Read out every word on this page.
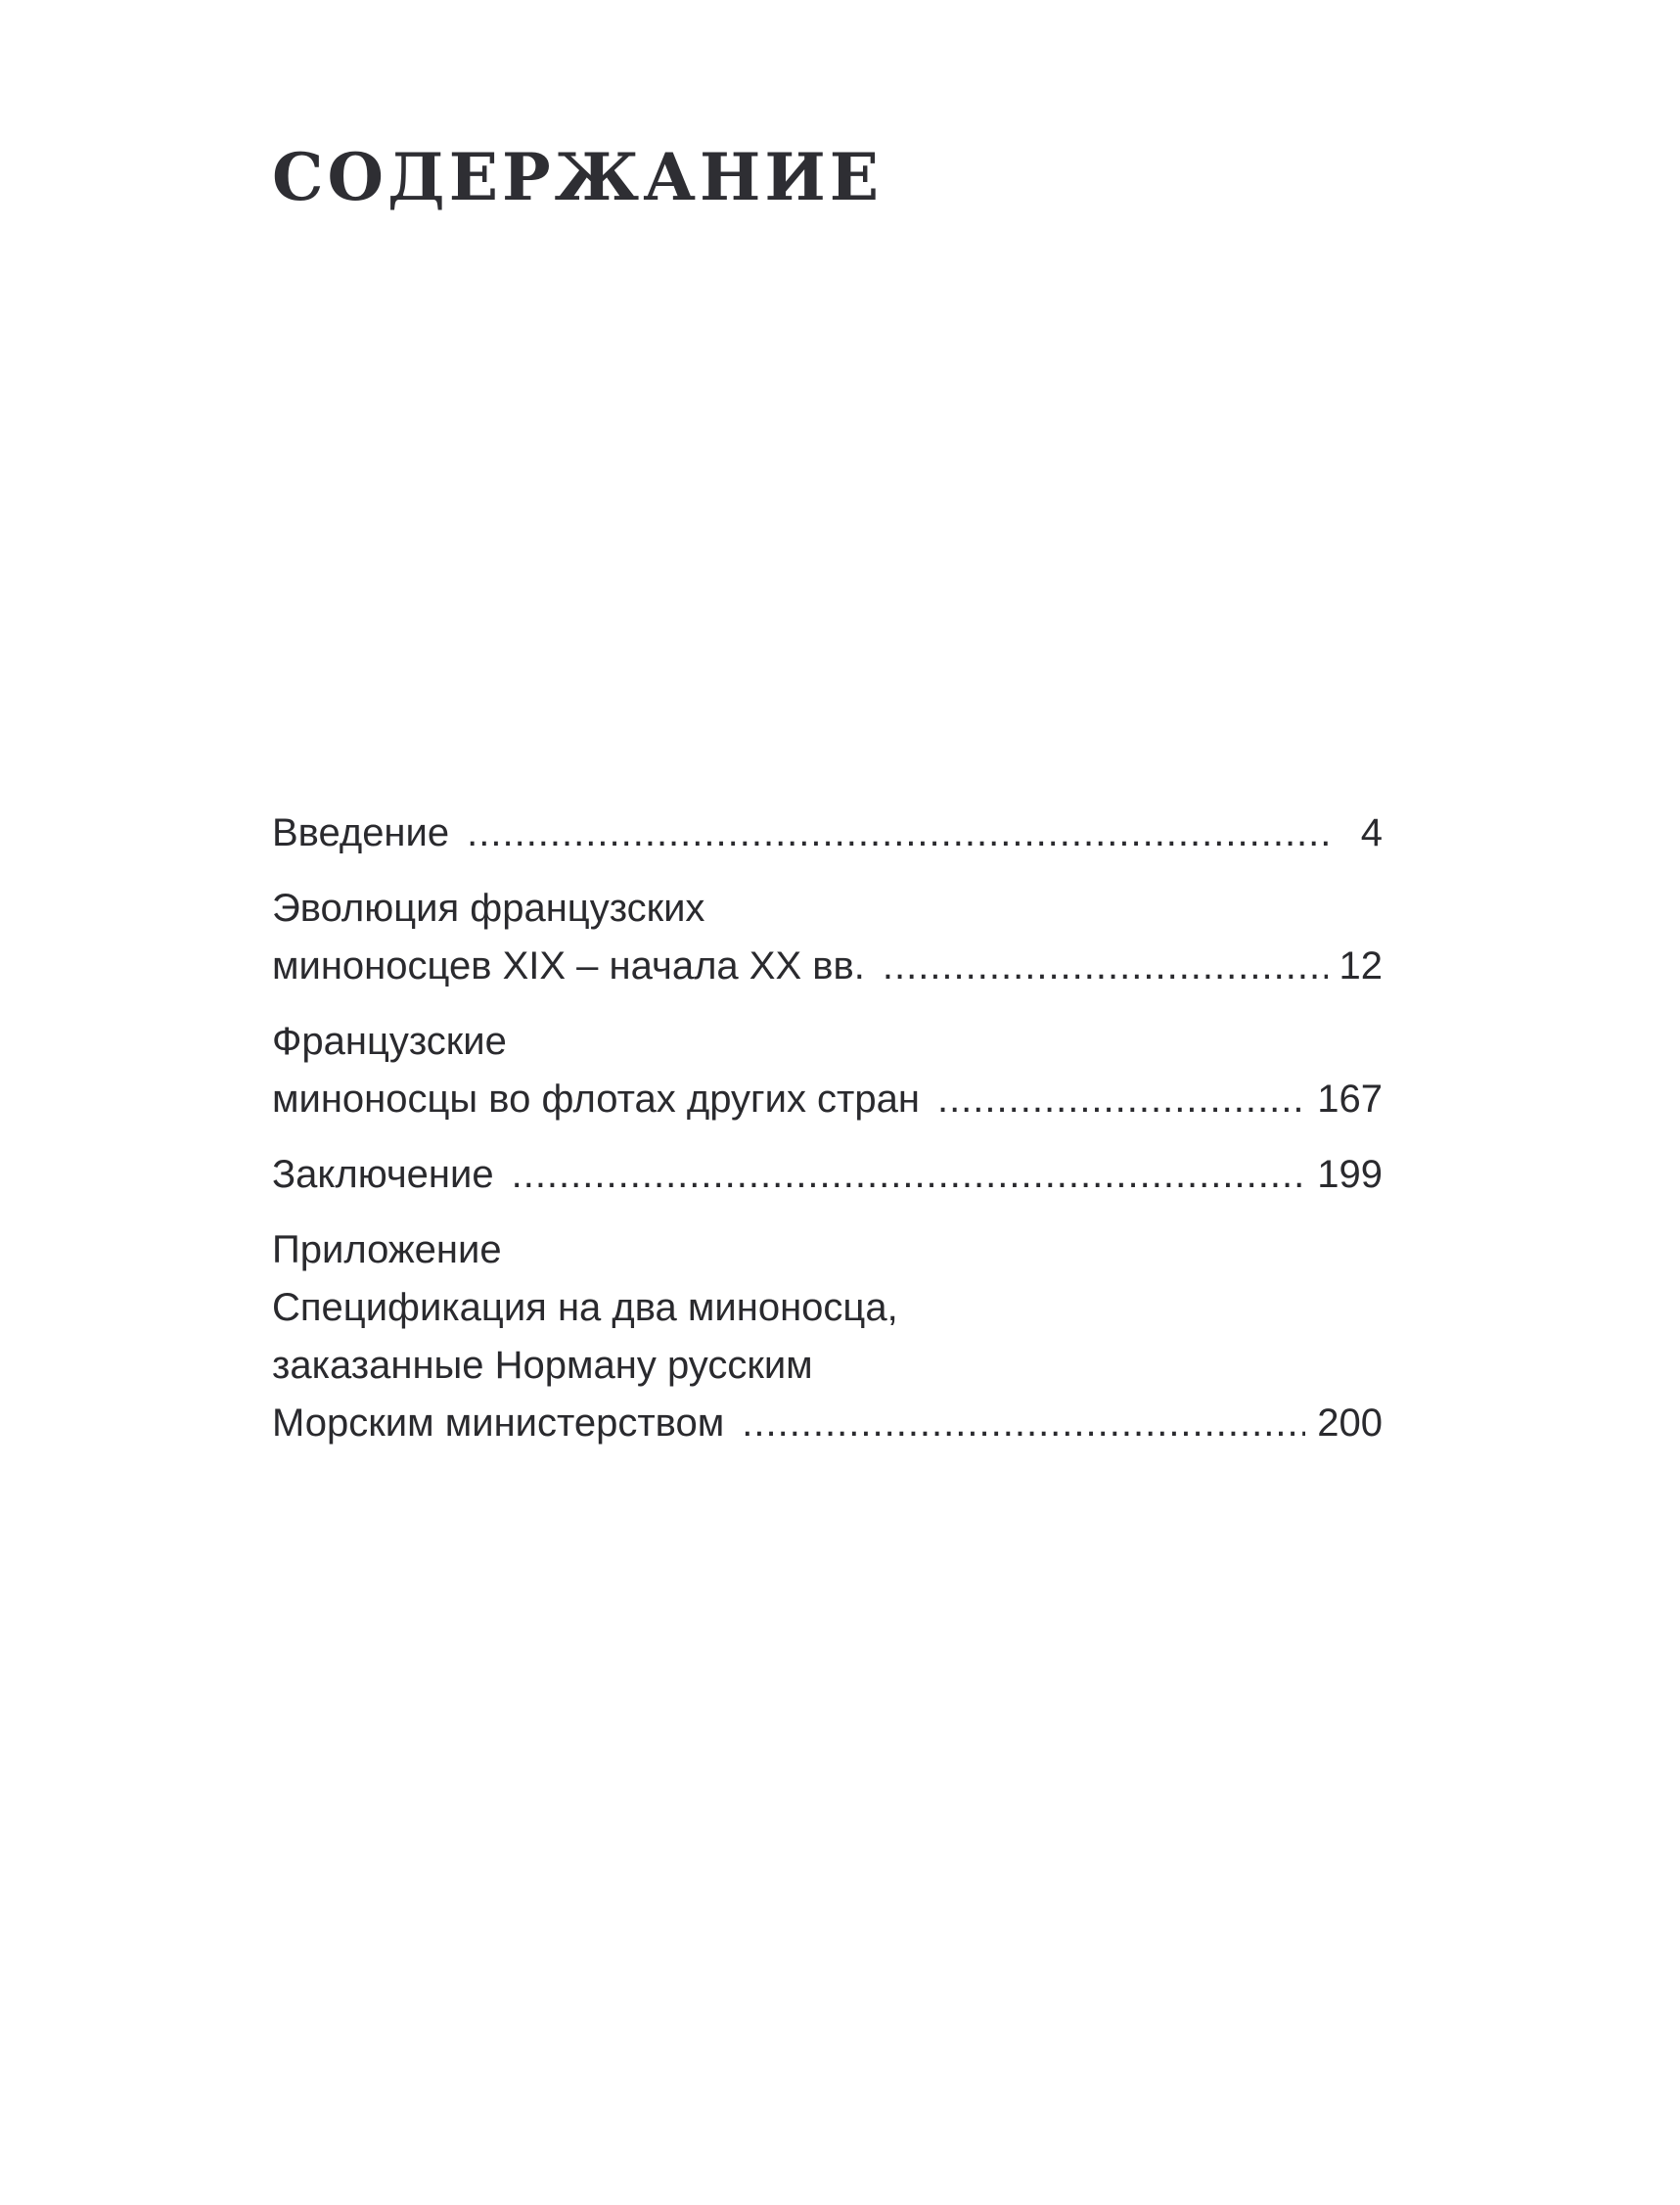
СОДЕРЖАНИЕ
Введение .....	4
Эволюция французских
миноносцев XIX – начала XX вв. .....	12
Французские
миноносцы во флотах других стран .....	167
Заключение .....	199
Приложение
Спецификация на два миноносца,
заказанные Норману русским
Морским министерством .....	200
